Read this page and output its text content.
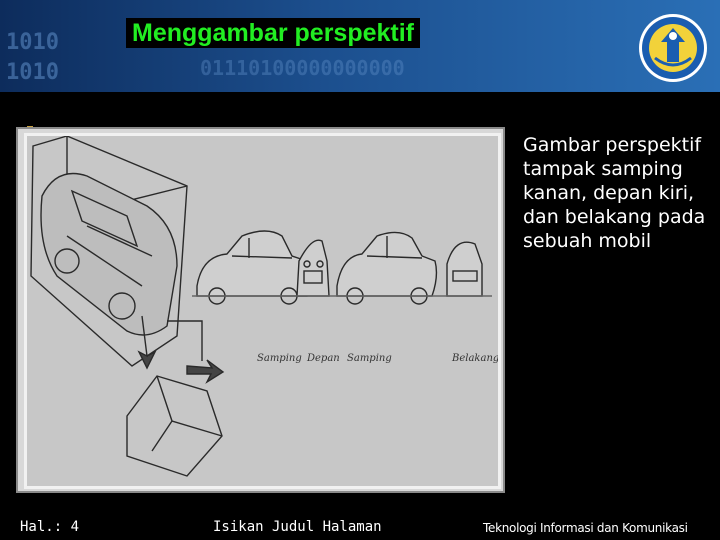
1010
1010	01110100000000000
Menggambar perspektif
Samping Depan Samping	Belakang
Gambar perspektif tampak samping kanan, depan kiri, dan belakang pada sebuah mobil
Hal.: 4	Isikan Judul Halaman	Teknologi Informasi dan Komunikasi
